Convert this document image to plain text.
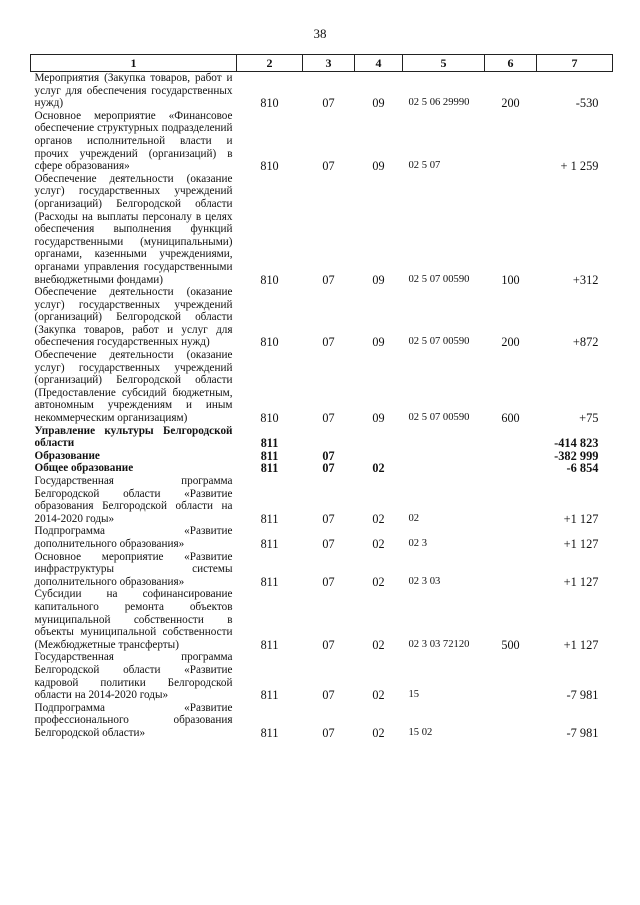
38
1	2	3	4	5	6	7
Мероприятия (Закупка товаров, работ и услуг для обеспечения государственных нужд)	810	07	09	02 5 06 29990	200	-530
Основное мероприятие «Финансовое обеспечение структурных подразделений органов исполнительной власти и прочих учреждений (организаций) в сфере образования»	810	07	09	02 5 07		+ 1 259
Обеспечение деятельности (оказание услуг) государственных учреждений (организаций) Белгородской области (Расходы на выплаты персоналу в целях обеспечения выполнения функций государственными (муниципальными) органами, казенными учреждениями, органами управления государственными внебюджетными фондами)	810	07	09	02 5 07 00590	100	+312
Обеспечение деятельности (оказание услуг) государственных учреждений (организаций) Белгородской области (Закупка товаров, работ и услуг для обеспечения государственных нужд)	810	07	09	02 5 07 00590	200	+872
Обеспечение деятельности (оказание услуг) государственных учреждений (организаций) Белгородской области (Предоставление субсидий бюджетным, автономным учреждениям и иным некоммерческим организациям)	810	07	09	02 5 07 00590	600	+75
Управление культуры Белгородской области	811					-414 823
Образование	811	07				-382 999
Общее образование	811	07	02			-6 854
Государственная программа Белгородской области «Развитие образования Белгородской области на 2014-2020 годы»	811	07	02	02		+1 127
Подпрограмма «Развитие дополнительного образования»	811	07	02	02 3		+1 127
Основное мероприятие «Развитие инфраструктуры системы дополнительного образования»	811	07	02	02 3 03		+1 127
Субсидии на софинансирование капитального ремонта объектов муниципальной собственности в объекты муниципальной собственности (Межбюджетные трансферты)	811	07	02	02 3 03 72120	500	+1 127
Государственная программа Белгородской области «Развитие кадровой политики Белгородской области на 2014-2020 годы»	811	07	02	15		-7 981
Подпрограмма «Развитие профессионального образования Белгородской области»	811	07	02	15 02		-7 981
